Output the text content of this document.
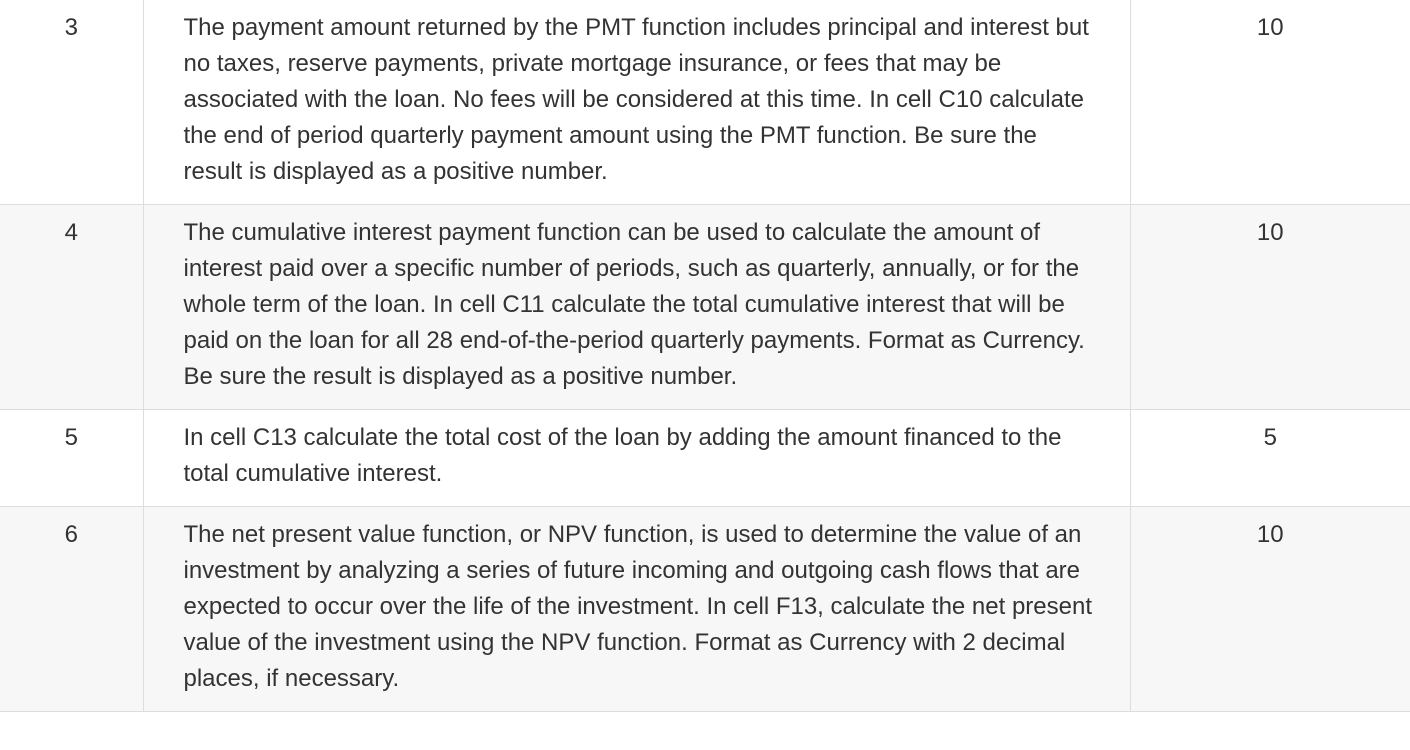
3	The payment amount returned by the PMT function includes principal and interest but no taxes, reserve payments, private mortgage insurance, or fees that may be associated with the loan. No fees will be considered at this time. In cell C10 calculate the end of period quarterly payment amount using the PMT function. Be sure the result is displayed as a positive number.	10
4	The cumulative interest payment function can be used to calculate the amount of interest paid over a specific number of periods, such as quarterly, annually, or for the whole term of the loan. In cell C11 calculate the total cumulative interest that will be paid on the loan for all 28 end-of-the-period quarterly payments. Format as Currency. Be sure the result is displayed as a positive number.	10
5	In cell C13 calculate the total cost of the loan by adding the amount financed to the total cumulative interest.	5
6	The net present value function, or NPV function, is used to determine the value of an investment by analyzing a series of future incoming and outgoing cash flows that are expected to occur over the life of the investment. In cell F13, calculate the net present value of the investment using the NPV function. Format as Currency with 2 decimal places, if necessary.	10
